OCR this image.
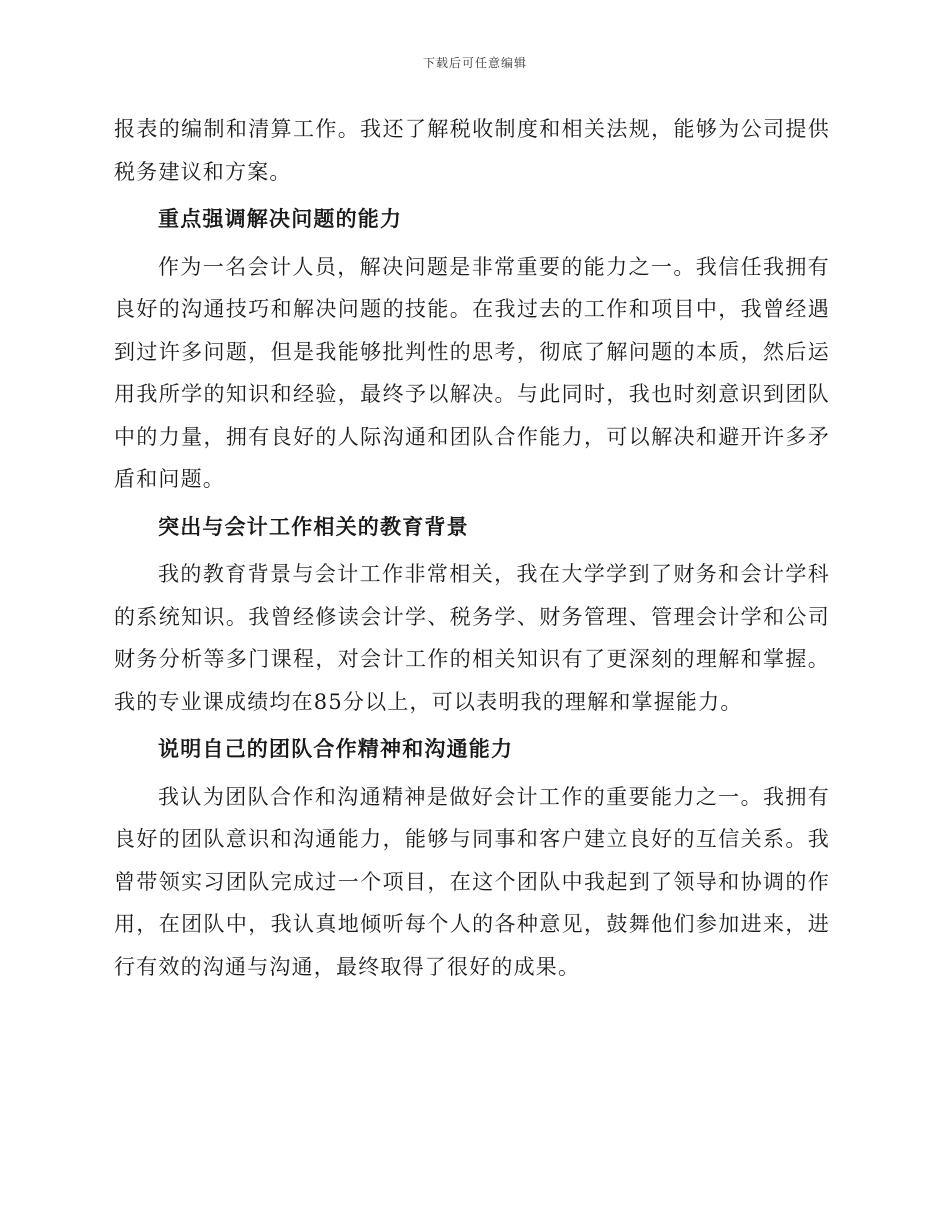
下载后可任意编辑

报表的编制和清算工作。我还了解税收制度和相关法规，能够为公司提供税务建议和方案。

重点强调解决问题的能力

作为一名会计人员，解决问题是非常重要的能力之一。我信任我拥有良好的沟通技巧和解决问题的技能。在我过去的工作和项目中，我曾经遇到过许多问题，但是我能够批判性的思考，彻底了解问题的本质，然后运用我所学的知识和经验，最终予以解决。与此同时，我也时刻意识到团队中的力量，拥有良好的人际沟通和团队合作能力，可以解决和避开许多矛盾和问题。

突出与会计工作相关的教育背景

我的教育背景与会计工作非常相关，我在大学学到了财务和会计学科的系统知识。我曾经修读会计学、税务学、财务管理、管理会计学和公司财务分析等多门课程，对会计工作的相关知识有了更深刻的理解和掌握。我的专业课成绩均在85分以上，可以表明我的理解和掌握能力。

说明自己的团队合作精神和沟通能力

我认为团队合作和沟通精神是做好会计工作的重要能力之一。我拥有良好的团队意识和沟通能力，能够与同事和客户建立良好的互信关系。我曾带领实习团队完成过一个项目，在这个团队中我起到了领导和协调的作用，在团队中，我认真地倾听每个人的各种意见，鼓舞他们参加进来，进行有效的沟通与沟通，最终取得了很好的成果。
